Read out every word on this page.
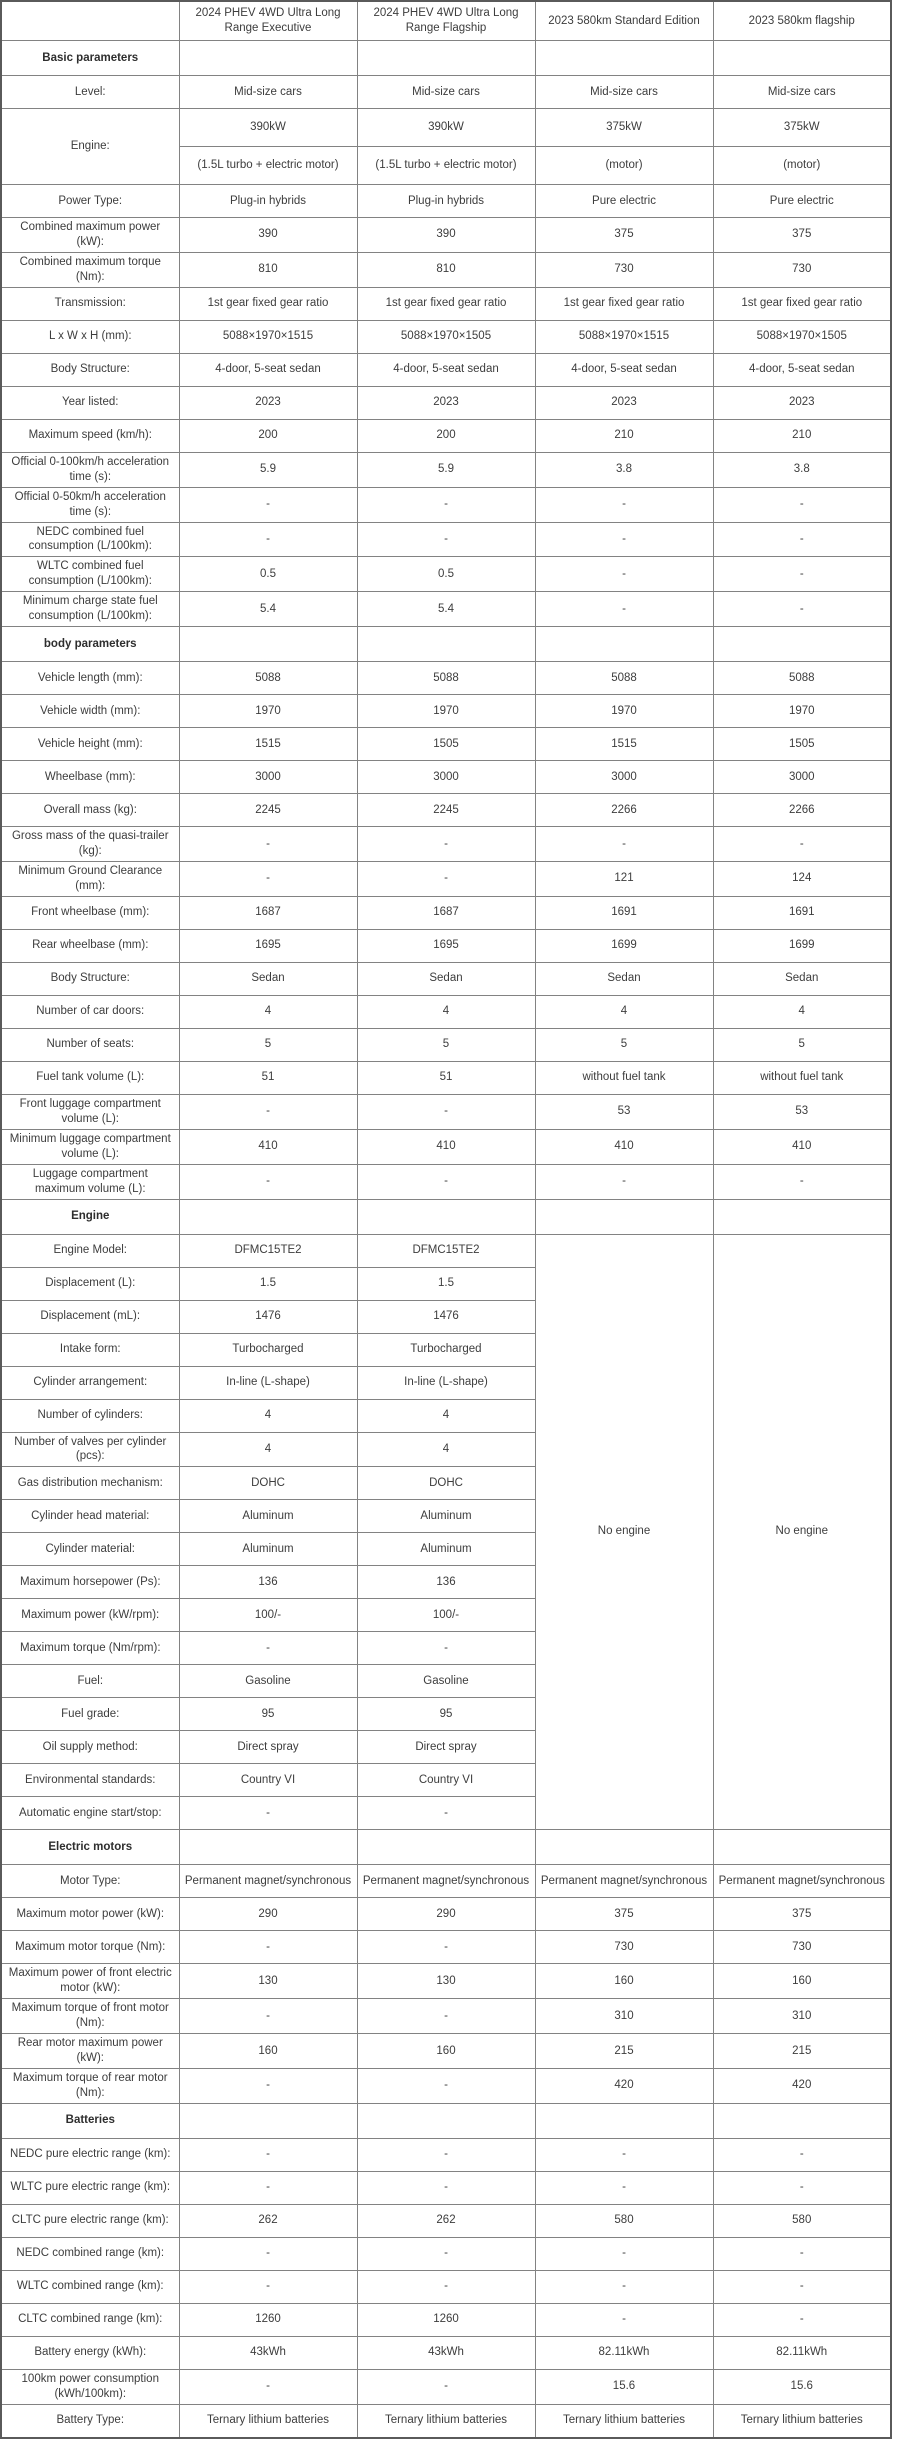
	2024 PHEV 4WD Ultra Long Range Executive	2024 PHEV 4WD Ultra Long Range Flagship	2023 580km Standard Edition	2023 580km flagship
Basic parameters				
Level:	Mid-size cars	Mid-size cars	Mid-size cars	Mid-size cars
Engine:	390kW	390kW	375kW	375kW
	(1.5L turbo + electric motor)	(1.5L turbo + electric motor)	(motor)	(motor)
Power Type:	Plug-in hybrids	Plug-in hybrids	Pure electric	Pure electric
Combined maximum power (kW):	390	390	375	375
Combined maximum torque (Nm):	810	810	730	730
Transmission:	1st gear fixed gear ratio	1st gear fixed gear ratio	1st gear fixed gear ratio	1st gear fixed gear ratio
L x W x H (mm):	5088×1970×1515	5088×1970×1505	5088×1970×1515	5088×1970×1505
Body Structure:	4-door, 5-seat sedan	4-door, 5-seat sedan	4-door, 5-seat sedan	4-door, 5-seat sedan
Year listed:	2023	2023	2023	2023
Maximum speed (km/h):	200	200	210	210
Official 0-100km/h acceleration time (s):	5.9	5.9	3.8	3.8
Official 0-50km/h acceleration time (s):	-	-	-	-
NEDC combined fuel consumption (L/100km):	-	-	-	-
WLTC combined fuel consumption (L/100km):	0.5	0.5	-	-
Minimum charge state fuel consumption (L/100km):	5.4	5.4	-	-
body parameters				
Vehicle length (mm):	5088	5088	5088	5088
Vehicle width (mm):	1970	1970	1970	1970
Vehicle height (mm):	1515	1505	1515	1505
Wheelbase (mm):	3000	3000	3000	3000
Overall mass (kg):	2245	2245	2266	2266
Gross mass of the quasi-trailer (kg):	-	-	-	-
Minimum Ground Clearance (mm):	-	-	121	124
Front wheelbase (mm):	1687	1687	1691	1691
Rear wheelbase (mm):	1695	1695	1699	1699
Body Structure:	Sedan	Sedan	Sedan	Sedan
Number of car doors:	4	4	4	4
Number of seats:	5	5	5	5
Fuel tank volume (L):	51	51	without fuel tank	without fuel tank
Front luggage compartment volume (L):	-	-	53	53
Minimum luggage compartment volume (L):	410	410	410	410
Luggage compartment maximum volume (L):	-	-	-	-
Engine				
Engine Model:	DFMC15TE2	DFMC15TE2	No engine	No engine
Displacement (L):	1.5	1.5		
Displacement (mL):	1476	1476		
Intake form:	Turbocharged	Turbocharged		
Cylinder arrangement:	In-line (L-shape)	In-line (L-shape)		
Number of cylinders:	4	4		
Number of valves per cylinder (pcs):	4	4		
Gas distribution mechanism:	DOHC	DOHC		
Cylinder head material:	Aluminum	Aluminum		
Cylinder material:	Aluminum	Aluminum		
Maximum horsepower (Ps):	136	136		
Maximum power (kW/rpm):	100/-	100/-		
Maximum torque (Nm/rpm):	-	-		
Fuel:	Gasoline	Gasoline		
Fuel grade:	95	95		
Oil supply method:	Direct spray	Direct spray		
Environmental standards:	Country VI	Country VI		
Automatic engine start/stop:	-	-		
Electric motors				
Motor Type:	Permanent magnet/synchronous	Permanent magnet/synchronous	Permanent magnet/synchronous	Permanent magnet/synchronous
Maximum motor power (kW):	290	290	375	375
Maximum motor torque (Nm):	-	-	730	730
Maximum power of front electric motor (kW):	130	130	160	160
Maximum torque of front motor (Nm):	-	-	310	310
Rear motor maximum power (kW):	160	160	215	215
Maximum torque of rear motor (Nm):	-	-	420	420
Batteries				
NEDC pure electric range (km):	-	-	-	-
WLTC pure electric range (km):	-	-	-	-
CLTC pure electric range (km):	262	262	580	580
NEDC combined range (km):	-	-	-	-
WLTC combined range (km):	-	-	-	-
CLTC combined range (km):	1260	1260	-	-
Battery energy (kWh):	43kWh	43kWh	82.11kWh	82.11kWh
100km power consumption (kWh/100km):	-	-	15.6	15.6
Battery Type:	Ternary lithium batteries	Ternary lithium batteries	Ternary lithium batteries	Ternary lithium batteries
